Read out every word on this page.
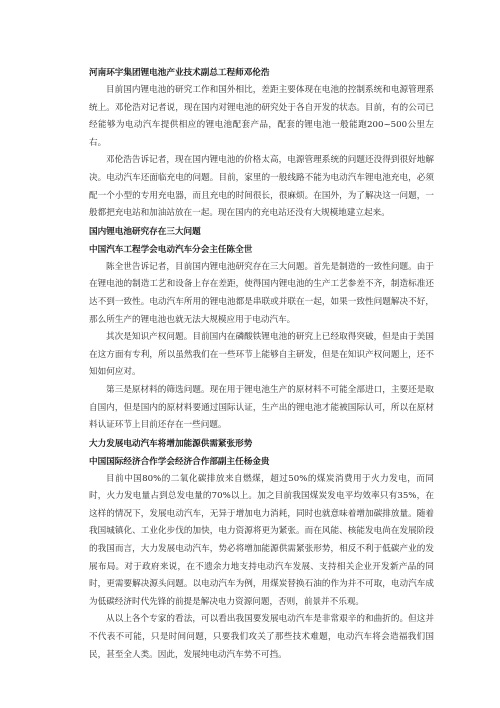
河南环宇集团锂电池产业技术副总工程师邓伦浩

目前国内锂电池的研究工作和国外相比，差距主要体现在电池的控制系统和电源管理系统上。邓伦浩对记者说，现在国内对锂电池的研究处于各自开发的状态。目前，有的公司已经能够为电动汽车提供相应的锂电池配套产品，配套的锂电池一般能跑200~500公里左右。

邓伦浩告诉记者，现在国内锂电池的价格太高，电源管理系统的问题还没得到很好地解决。电动汽车还面临充电的问题。目前，家里的一般线路不能为电动汽车锂电池充电，必须配一个小型的专用充电器，而且充电的时间很长，很麻烦。在国外，为了解决这一问题，一般都把充电站和加油站放在一起。现在国内的充电站还没有大规模地建立起来。

国内锂电池研究存在三大问题
中国汽车工程学会电动汽车分会主任陈全世

陈全世告诉记者，目前国内锂电池研究存在三大问题。首先是制造的一致性问题。由于在锂电池的制造工艺和设备上存在差距，使得国内锂电池的生产工艺参差不齐，制造标准还达不到一致性。电动汽车所用的锂电池都是串联或并联在一起，如果一致性问题解决不好，那么所生产的锂电池也就无法大规模应用于电动汽车。

其次是知识产权问题。目前国内在磷酸铁锂电池的研究上已经取得突破，但是由于美国在这方面有专利，所以虽然我们在一些环节上能够自主研发，但是在知识产权问题上，还不知如何应对。

第三是原材料的筛选问题。现在用于锂电池生产的原材料不可能全部进口，主要还是取自国内，但是国内的原材料要通过国际认证，生产出的锂电池才能被国际认可，所以在原材料认证环节上目前还存在一些问题。

大力发展电动汽车将增加能源供需紧张形势
中国国际经济合作学会经济合作部副主任杨金贵

目前中国80%的二氧化碳排放来自燃煤，超过50%的煤炭消费用于火力发电，而同时，火力发电量占到总发电量的70%以上。加之目前我国煤炭发电平均效率只有35%，在这样的情况下，发展电动汽车，无异于增加电力消耗，同时也就意味着增加碳排放量。随着我国城镇化、工业化步伐的加快，电力资源将更为紧张。而在风能、核能发电尚在发展阶段的我国而言，大力发展电动汽车，势必将增加能源供需紧张形势，相反不利于低碳产业的发展布局。对于政府来说，在不遗余力地支持电动汽车发展、支持相关企业开发新产品的同时，更需要解决源头问题。以电动汽车为例，用煤炭替换石油的作为并不可取，电动汽车成为低碳经济时代先锋的前提是解决电力资源问题，否则，前景并不乐观。

从以上各个专家的看法，可以看出我国要发展电动汽车是非常艰辛的和曲折的。但这并不代表不可能，只是时间问题，只要我们攻关了那些技术难题，电动汽车将会造福我们国民，甚至全人类。因此，发展纯电动汽车势不可挡。
